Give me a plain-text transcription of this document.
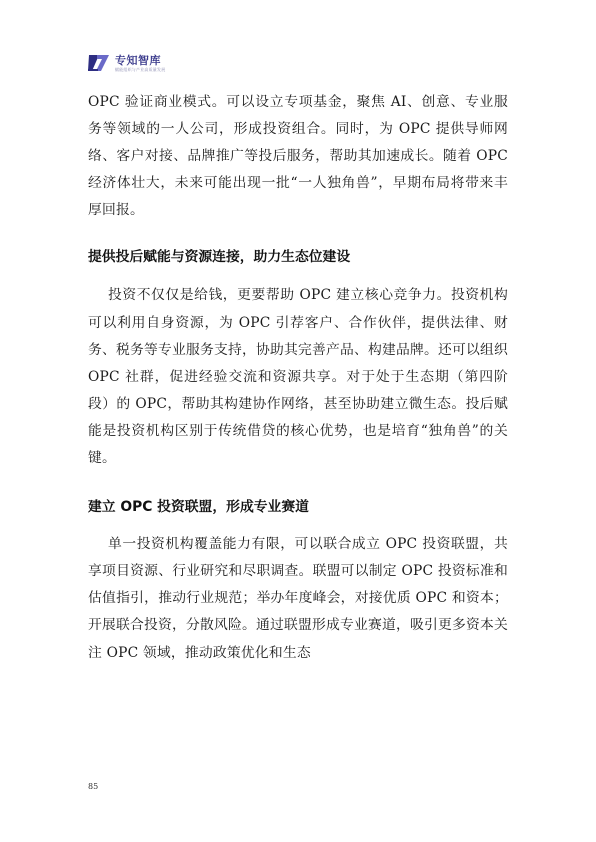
专知智库
赋能组织与产业高质量发展

OPC 验证商业模式。可以设立专项基金，聚焦 AI、创意、专业服务等领域的一人公司，形成投资组合。同时，为 OPC 提供导师网络、客户对接、品牌推广等投后服务，帮助其加速成长。随着 OPC 经济体壮大，未来可能出现一批“一人独角兽”，早期布局将带来丰厚回报。

提供投后赋能与资源连接，助力生态位建设

投资不仅仅是给钱，更要帮助 OPC 建立核心竞争力。投资机构可以利用自身资源，为 OPC 引荐客户、合作伙伴，提供法律、财务、税务等专业服务支持，协助其完善产品、构建品牌。还可以组织 OPC 社群，促进经验交流和资源共享。对于处于生态期（第四阶段）的 OPC，帮助其构建协作网络，甚至协助建立微生态。投后赋能是投资机构区别于传统借贷的核心优势，也是培育“独角兽”的关键。

建立 OPC 投资联盟，形成专业赛道

单一投资机构覆盖能力有限，可以联合成立 OPC 投资联盟，共享项目资源、行业研究和尽职调查。联盟可以制定 OPC 投资标准和估值指引，推动行业规范；举办年度峰会，对接优质 OPC 和资本；开展联合投资，分散风险。通过联盟形成专业赛道，吸引更多资本关注 OPC 领域，推动政策优化和生态

85
